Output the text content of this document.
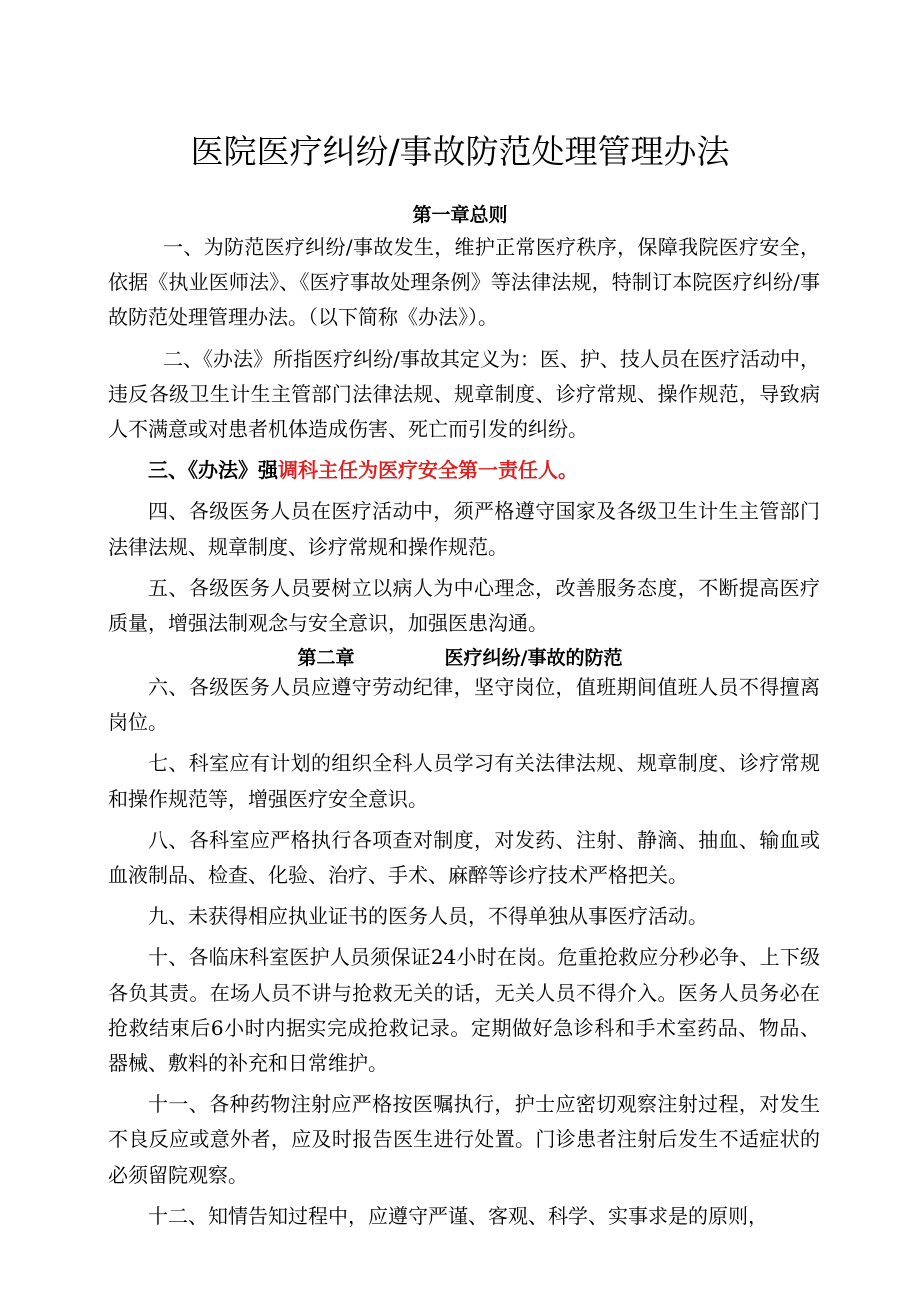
医院医疗纠纷/事故防范处理管理办法
第一章总则

一、为防范医疗纠纷/事故发生，维护正常医疗秩序，保障我院医疗安全，依据《执业医师法》、《医疗事故处理条例》等法律法规，特制订本院医疗纠纷/事故防范处理管理办法。（以下简称《办法》）。

二、《办法》所指医疗纠纷/事故其定义为：医、护、技人员在医疗活动中，违反各级卫生计生主管部门法律法规、规章制度、诊疗常规、操作规范，导致病人不满意或对患者机体造成伤害、死亡而引发的纠纷。

三、《办法》强调科主任为医疗安全第一责任人。

四、各级医务人员在医疗活动中，须严格遵守国家及各级卫生计生主管部门法律法规、规章制度、诊疗常规和操作规范。

五、各级医务人员要树立以病人为中心理念，改善服务态度，不断提高医疗质量，增强法制观念与安全意识，加强医患沟通。

第二章	医疗纠纷/事故的防范

六、各级医务人员应遵守劳动纪律，坚守岗位，值班期间值班人员不得擅离岗位。

七、科室应有计划的组织全科人员学习有关法律法规、规章制度、诊疗常规和操作规范等，增强医疗安全意识。

八、各科室应严格执行各项查对制度，对发药、注射、静滴、抽血、输血或血液制品、检查、化验、治疗、手术、麻醉等诊疗技术严格把关。

九、未获得相应执业证书的医务人员，不得单独从事医疗活动。

十、各临床科室医护人员须保证24小时在岗。危重抢救应分秒必争、上下级各负其责。在场人员不讲与抢救无关的话，无关人员不得介入。医务人员务必在抢救结束后6小时内据实完成抢救记录。定期做好急诊科和手术室药品、物品、器械、敷料的补充和日常维护。

十一、各种药物注射应严格按医嘱执行，护士应密切观察注射过程，对发生不良反应或意外者，应及时报告医生进行处置。门诊患者注射后发生不适症状的必须留院观察。

十二、知情告知过程中，应遵守严谨、客观、科学、实事求是的原则，
